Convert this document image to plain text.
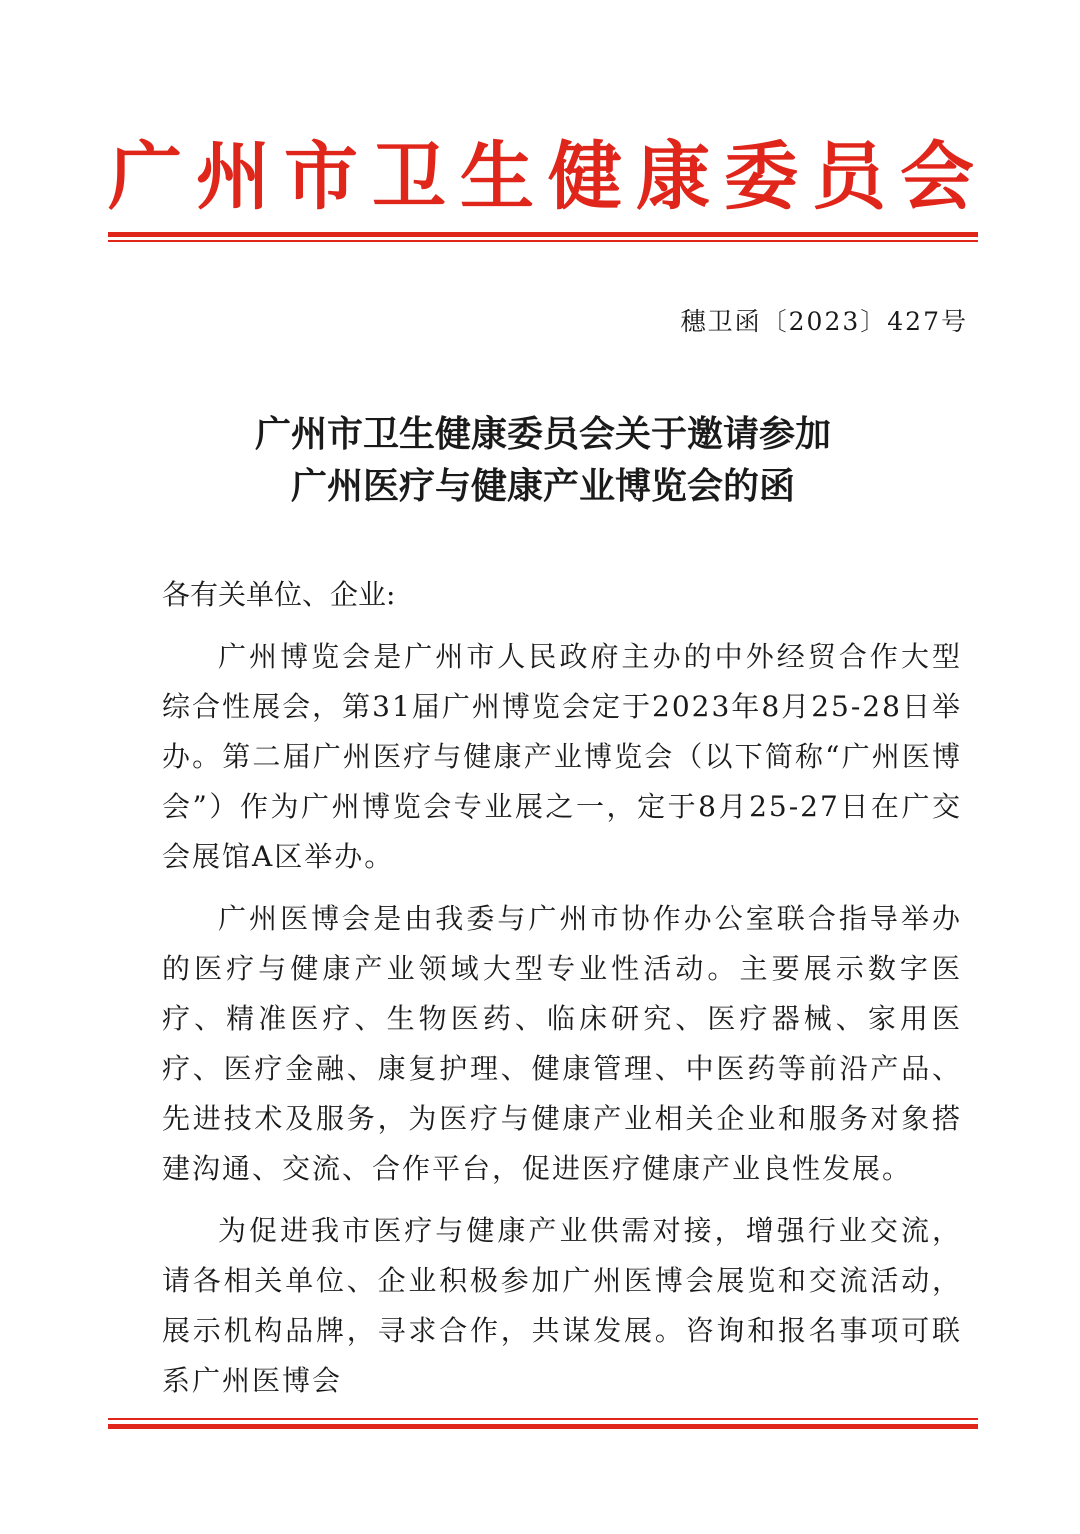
广州市卫生健康委员会
穗卫函〔2023〕427号
广州市卫生健康委员会关于邀请参加
广州医疗与健康产业博览会的函

各有关单位、企业:

广州博览会是广州市人民政府主办的中外经贸合作大型综合性展会，第31届广州博览会定于2023年8月25-28日举办。第二届广州医疗与健康产业博览会（以下简称“广州医博会”）作为广州博览会专业展之一，定于8月25-27日在广交会展馆A区举办。

广州医博会是由我委与广州市协作办公室联合指导举办的医疗与健康产业领域大型专业性活动。主要展示数字医疗、精准医疗、生物医药、临床研究、医疗器械、家用医疗、医疗金融、康复护理、健康管理、中医药等前沿产品、先进技术及服务，为医疗与健康产业相关企业和服务对象搭建沟通、交流、合作平台，促进医疗健康产业良性发展。

为促进我市医疗与健康产业供需对接，增强行业交流，请各相关单位、企业积极参加广州医博会展览和交流活动，展示机构品牌，寻求合作，共谋发展。咨询和报名事项可联系广州医博会
